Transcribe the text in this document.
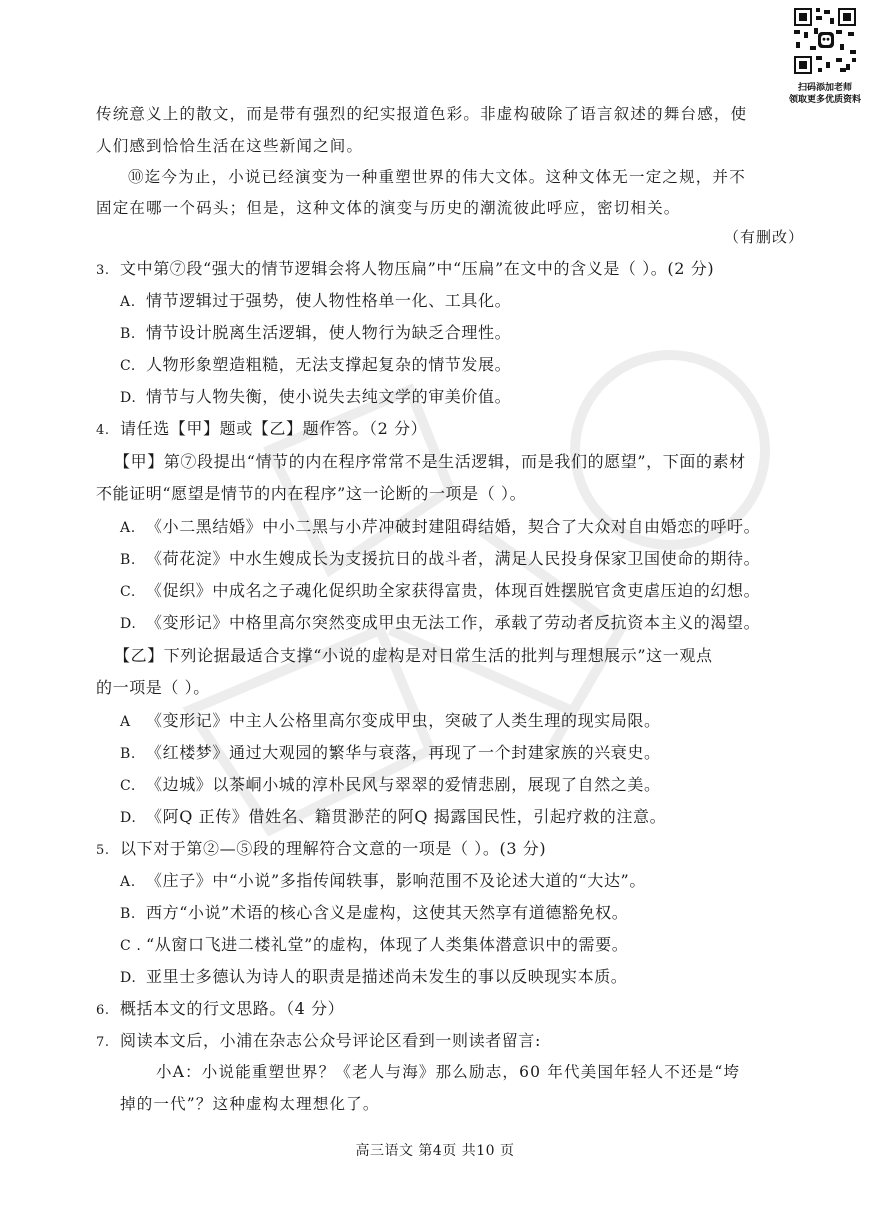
扫码添加老师
领取更多优质资料
传统意义上的散文，而是带有强烈的纪实报道色彩。非虚构破除了语言叙述的舞台感，使
人们感到恰恰生活在这些新闻之间。
⑩迄今为止，小说已经演变为一种重塑世界的伟大文体。这种文体无一定之规，并不
固定在哪一个码头；但是，这种文体的演变与历史的潮流彼此呼应，密切相关。
（有删改）
3. 文中第⑦段“强大的情节逻辑会将人物压扁”中“压扁”在文中的含义是（ ）。(2 分)
A. 情节逻辑过于强势，使人物性格单一化、工具化。
B. 情节设计脱离生活逻辑，使人物行为缺乏合理性。
C. 人物形象塑造粗糙，无法支撑起复杂的情节发展。
D. 情节与人物失衡，使小说失去纯文学的审美价值。
4. 请任选【甲】题或【乙】题作答。（2 分）
【甲】第⑦段提出“情节的内在程序常常不是生活逻辑，而是我们的愿望”，下面的素材
不能证明“愿望是情节的内在程序”这一论断的一项是（ ）。
A. 《小二黑结婚》中小二黑与小芹冲破封建阻碍结婚，契合了大众对自由婚恋的呼吁。
B. 《荷花淀》中水生嫂成长为支援抗日的战斗者，满足人民投身保家卫国使命的期待。
C. 《促织》中成名之子魂化促织助全家获得富贵，体现百姓摆脱官贪吏虐压迫的幻想。
D. 《变形记》中格里高尔突然变成甲虫无法工作，承载了劳动者反抗资本主义的渴望。
【乙】下列论据最适合支撑“小说的虚构是对日常生活的批判与理想展示”这一观点
的一项是（ ）。
A 《变形记》中主人公格里高尔变成甲虫，突破了人类生理的现实局限。
B. 《红楼梦》通过大观园的繁华与衰落，再现了一个封建家族的兴衰史。
C. 《边城》以茶峒小城的淳朴民风与翠翠的爱情悲剧，展现了自然之美。
D. 《阿Q 正传》借姓名、籍贯渺茫的阿Q 揭露国民性，引起疗救的注意。
5. 以下对于第②—⑤段的理解符合文意的一项是（ ）。(3 分)
A. 《庄子》中“小说”多指传闻轶事，影响范围不及论述大道的“大达”。
B. 西方“小说”术语的核心含义是虚构，这使其天然享有道德豁免权。
C . “从窗口飞进二楼礼堂”的虚构，体现了人类集体潜意识中的需要。
D. 亚里士多德认为诗人的职责是描述尚未发生的事以反映现实本质。
6. 概括本文的行文思路。（4 分）
7. 阅读本文后，小浦在杂志公众号评论区看到一则读者留言:
小A：小说能重塑世界？《老人与海》那么励志，60 年代美国年轻人不还是“垮
掉的一代”？这种虚构太理想化了。
高三语文 第4页 共10 页
